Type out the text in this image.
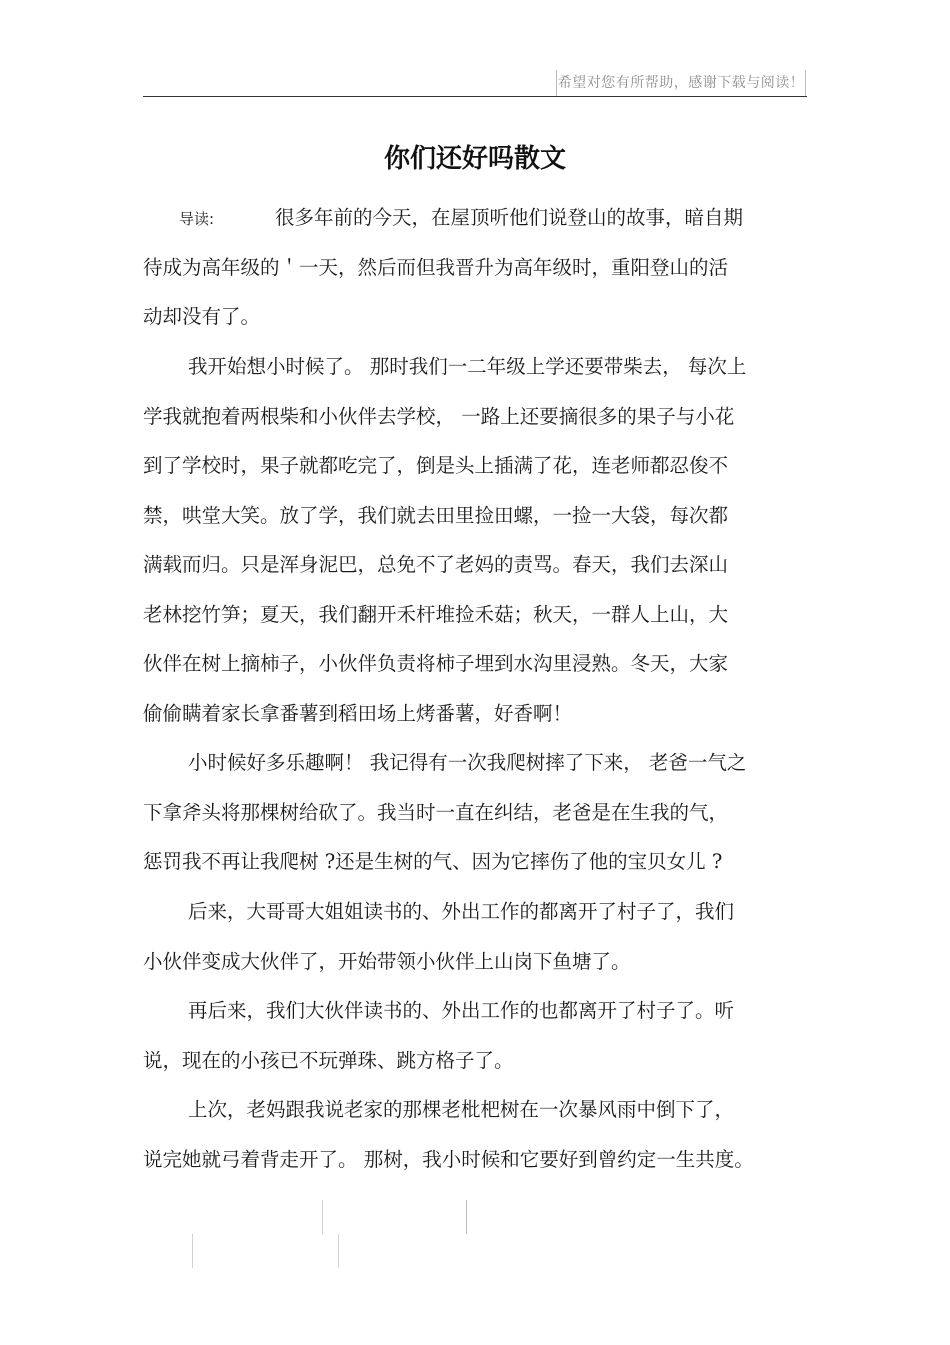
希望对您有所帮助，感谢下载与阅读！
你们还好吗散文
导读:	很多年前的今天，在屋顶听他们说登山的故事，暗自期
待成为高年级的＇一天，然后而但我晋升为高年级时，重阳登山的活
动却没有了。
我开始想小时候了。 那时我们一二年级上学还要带柴去， 每次上
学我就抱着两根柴和小伙伴去学校， 一路上还要摘很多的果子与小花
到了学校时，果子就都吃完了，倒是头上插满了花，连老师都忍俊不
禁，哄堂大笑。放了学，我们就去田里捡田螺，一捡一大袋，每次都
满载而归。只是浑身泥巴，总免不了老妈的责骂。春天，我们去深山
老林挖竹笋；夏天，我们翻开禾杆堆捡禾菇；秋天，一群人上山，大
伙伴在树上摘柿子，小伙伴负责将柿子埋到水沟里浸熟。冬天，大家
偷偷瞒着家长拿番薯到稻田场上烤番薯，好香啊！
小时候好多乐趣啊！ 我记得有一次我爬树摔了下来， 老爸一气之
下拿斧头将那棵树给砍了。我当时一直在纠结，老爸是在生我的气，
惩罚我不再让我爬树 ?还是生树的气、因为它摔伤了他的宝贝女儿 ?
后来，大哥哥大姐姐读书的、外出工作的都离开了村子了，我们
小伙伴变成大伙伴了，开始带领小伙伴上山岗下鱼塘了。
再后来，我们大伙伴读书的、外出工作的也都离开了村子了。听
说，现在的小孩已不玩弹珠、跳方格子了。
上次，老妈跟我说老家的那棵老枇杷树在一次暴风雨中倒下了，
说完她就弓着背走开了。 那树，我小时候和它要好到曾约定一生共度。
